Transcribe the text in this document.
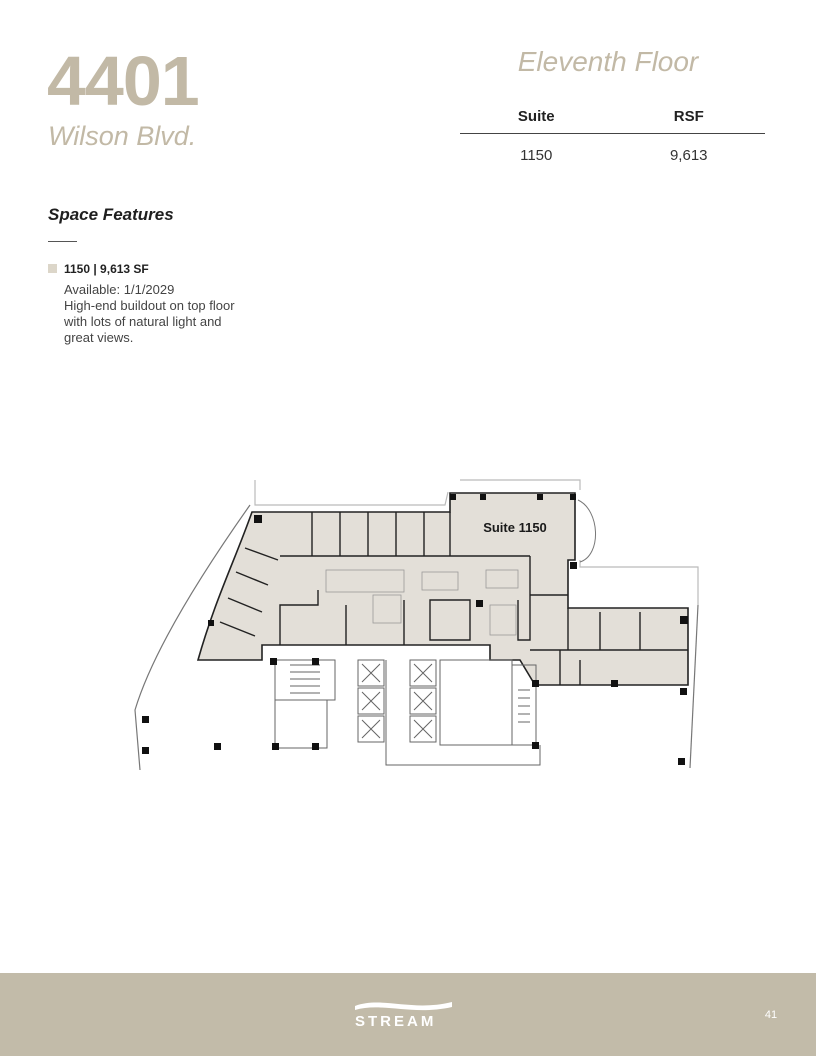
4401
Wilson Blvd.
Eleventh Floor
Suite	RSF
1150	9,613
Space Features
1150 | 9,613 SF
Available: 1/1/2029
High-end buildout on top floor with lots of natural light and great views.
Suite 1150
STREAM	41
